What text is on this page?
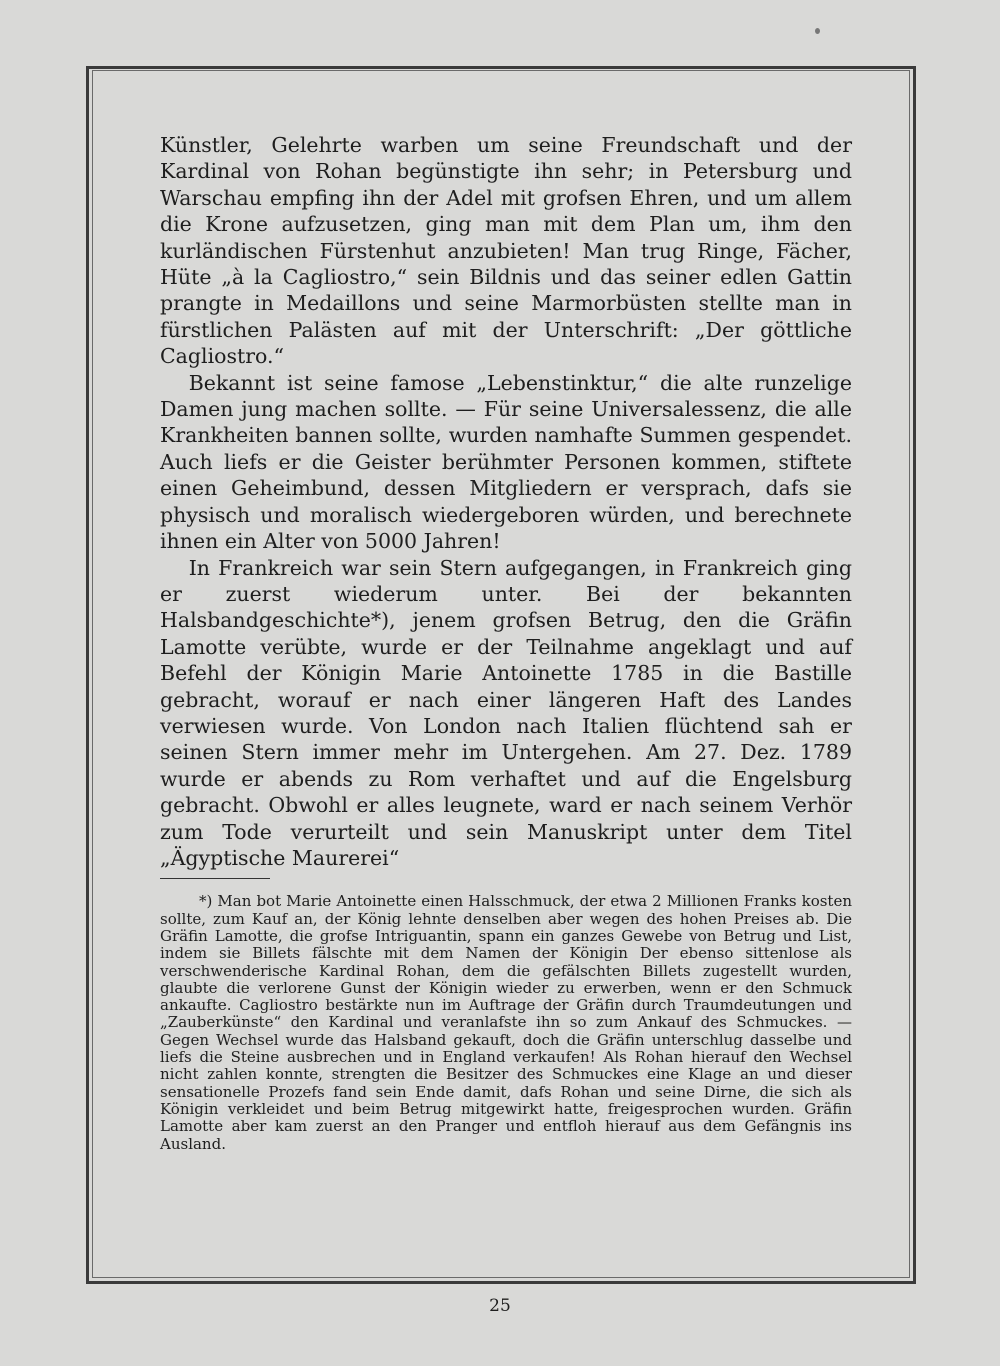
Künstler, Gelehrte warben um seine Freundschaft und der Kardinal von Rohan begünstigte ihn sehr; in Petersburg und Warschau empfing ihn der Adel mit grofsen Ehren, und um allem die Krone aufzusetzen, ging man mit dem Plan um, ihm den kurländischen Fürstenhut anzubieten! Man trug Ringe, Fächer, Hüte „à la Cagliostro,“ sein Bildnis und das seiner edlen Gattin prangte in Medaillons und seine Marmorbüsten stellte man in fürstlichen Palästen auf mit der Unterschrift: „Der göttliche Cagliostro.“

Bekannt ist seine famose „Lebenstinktur,“ die alte runzelige Damen jung machen sollte. — Für seine Universalessenz, die alle Krankheiten bannen sollte, wurden namhafte Summen gespendet. Auch liefs er die Geister berühmter Personen kommen, stiftete einen Geheimbund, dessen Mitgliedern er versprach, dafs sie physisch und moralisch wiedergeboren würden, und berechnete ihnen ein Alter von 5000 Jahren!

In Frankreich war sein Stern aufgegangen, in Frankreich ging er zuerst wiederum unter. Bei der bekannten Halsbandgeschichte*), jenem grofsen Betrug, den die Gräfin Lamotte verübte, wurde er der Teilnahme angeklagt und auf Befehl der Königin Marie Antoinette 1785 in die Bastille gebracht, worauf er nach einer längeren Haft des Landes verwiesen wurde. Von London nach Italien flüchtend sah er seinen Stern immer mehr im Untergehen. Am 27. Dez. 1789 wurde er abends zu Rom verhaftet und auf die Engelsburg gebracht. Obwohl er alles leugnete, ward er nach seinem Verhör zum Tode verurteilt und sein Manuskript unter dem Titel „Ägyptische Maurerei“

*) Man bot Marie Antoinette einen Halsschmuck, der etwa 2 Millionen Franks kosten sollte, zum Kauf an, der König lehnte denselben aber wegen des hohen Preises ab. Die Gräfin Lamotte, die grofse Intriguantin, spann ein ganzes Gewebe von Betrug und List, indem sie Billets fälschte mit dem Namen der Königin Der ebenso sittenlose als verschwenderische Kardinal Rohan, dem die gefälschten Billets zugestellt wurden, glaubte die verlorene Gunst der Königin wieder zu erwerben, wenn er den Schmuck ankaufte. Cagliostro bestärkte nun im Auftrage der Gräfin durch Traumdeutungen und „Zauberkünste“ den Kardinal und veranlafste ihn so zum Ankauf des Schmuckes. — Gegen Wechsel wurde das Halsband gekauft, doch die Gräfin unterschlug dasselbe und liefs die Steine ausbrechen und in England verkaufen! Als Rohan hierauf den Wechsel nicht zahlen konnte, strengten die Besitzer des Schmuckes eine Klage an und dieser sensationelle Prozefs fand sein Ende damit, dafs Rohan und seine Dirne, die sich als Königin verkleidet und beim Betrug mitgewirkt hatte, freigesprochen wurden. Gräfin Lamotte aber kam zuerst an den Pranger und entfloh hierauf aus dem Gefängnis ins Ausland.

25
